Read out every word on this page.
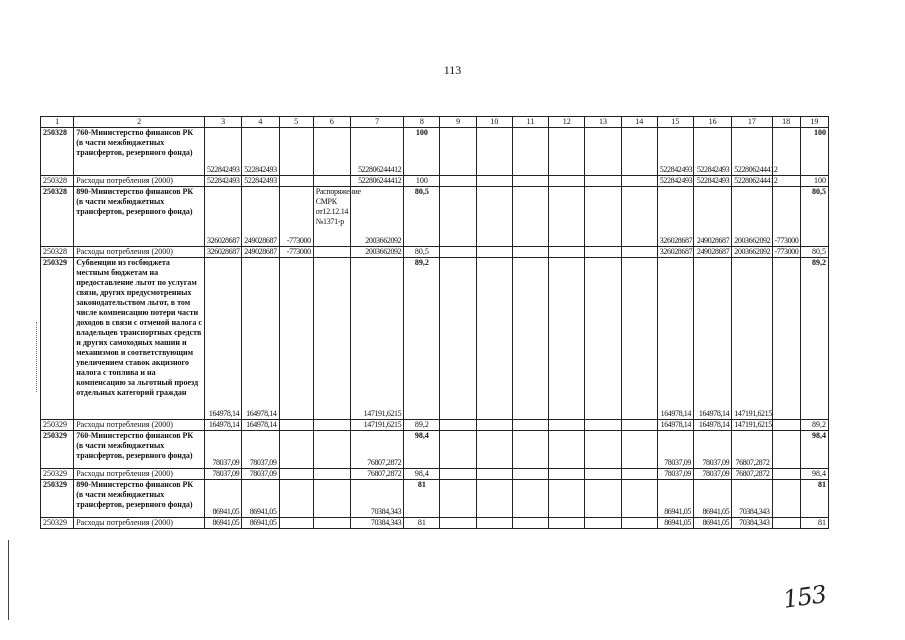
113
1	2	3	4	5	6	7	8	9	10	11	12	13	14	15	16	17	18	19
250328	760-Министерство финансов РК (в части межбюджетных трансфертов, резервного фонда)	522842493	522842493			522806244412	100							522842493	522842493	522806244412		100
250328	Расходы потребления (2000)	522842493	522842493			522806244412	100							522842493	522842493	522806244412		100
250328	890-Министерство финансов РК (в части межбюджетных трансфертов, резервного фонда)	326028687	249028687	-773000	Распоряжение СМРК от12.12.14 №1371-р	2003662092	80,5							326028687	249028687	2003662092	-773000	80,5
250328	Расходы потребления (2000)	326028687	249028687	-773000		2003662092	80,5							326028687	249028687	2003662092	-773000	80,5
250329	Субвенции из госбюджета местным бюджетам на предоставление льгот по услугам связи, других предусмотренных законодательством льгот, в том числе компенсацию потери части доходов в связи с отменой налога с владельцев транспортных средств и других самоходных машин и механизмов и соответствующим увеличением ставок акцизного налога с топлива и на компенсацию за льготный проезд отдельных категорий граждан	164978,14	164978,14			147191,6215	89,2							164978,14	164978,14	147191,6215		89,2
250329	Расходы потребления (2000)	164978,14	164978,14			147191,6215	89,2							164978,14	164978,14	147191,6215		89,2
250329	760-Министерство финансов РК (в части межбюджетных трансфертов, резервного фонда)	78037,09	78037,09			76807,2872	98,4							78037,09	78037,09	76807,2872		98,4
250329	Расходы потребления (2000)	78037,09	78037,09			76807,2872	98,4							78037,09	78037,09	76807,2872		98,4
250329	890-Министерство финансов РК (в части межбюджетных трансфертов, резервного фонда)	86941,05	86941,05			70384,343	81							86941,05	86941,05	70384,343		81
250329	Расходы потребления (2000)	86941,05	86941,05			70384,343	81							86941,05	86941,05	70384,343		81
153
